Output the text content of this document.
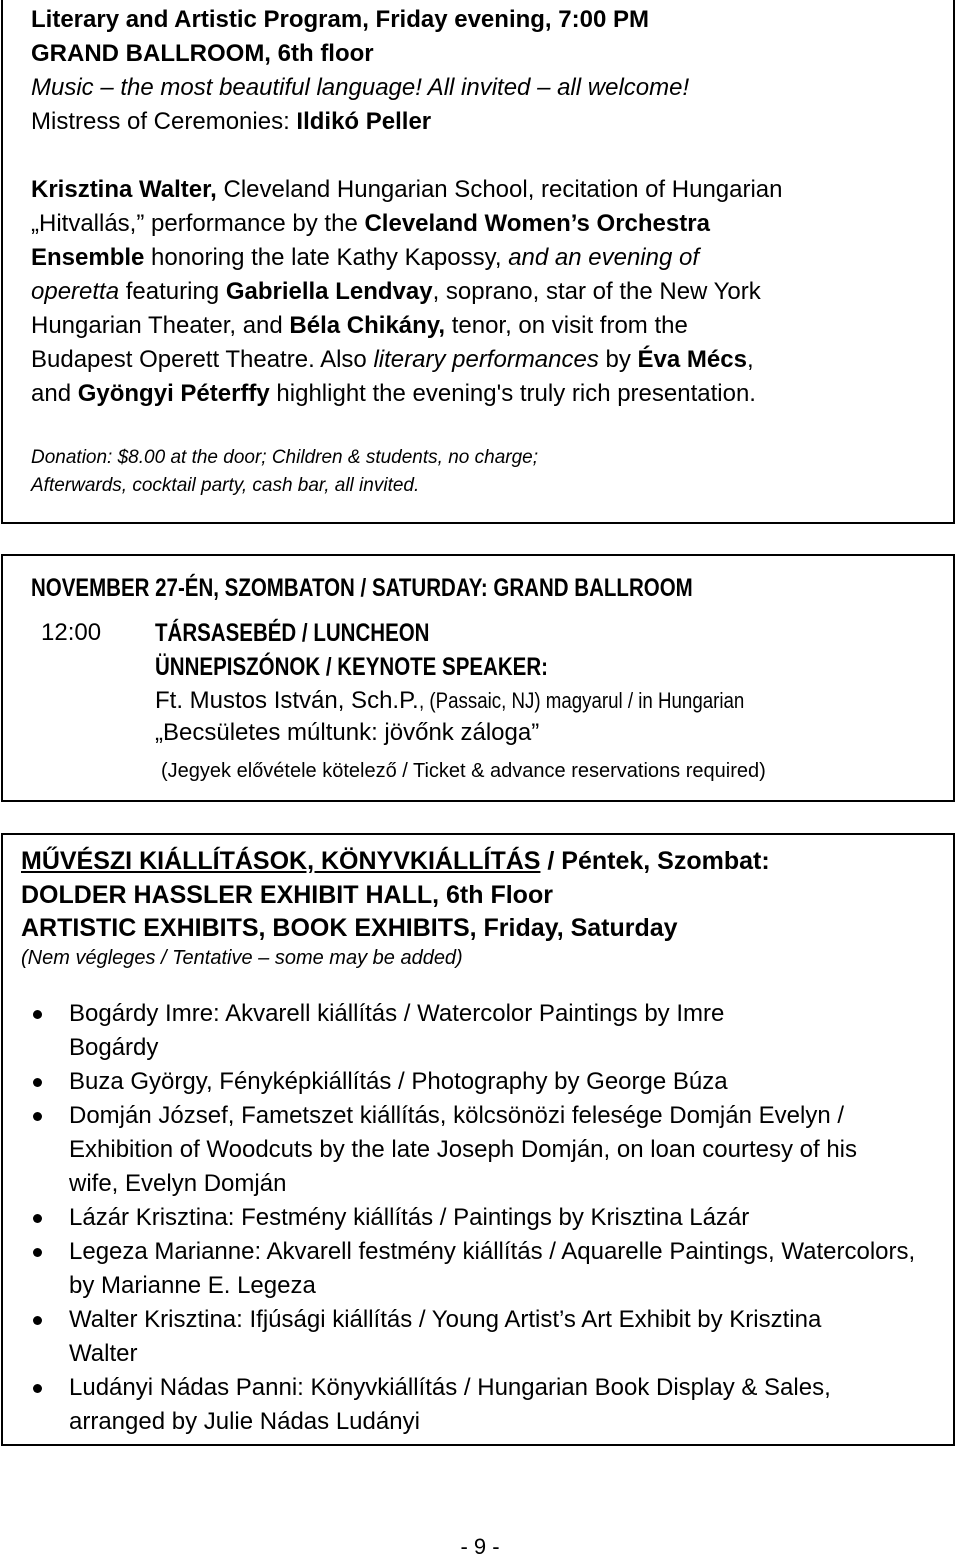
Literary and Artistic Program, Friday evening, 7:00 PM
GRAND BALLROOM, 6th floor
Music – the most beautiful language! All invited – all welcome!
Mistress of Ceremonies: Ildikó Peller
Krisztina Walter, Cleveland Hungarian School, recitation of Hungarian
„Hitvallás,” performance by the Cleveland Women’s Orchestra
Ensemble honoring the late Kathy Kapossy, and an evening of
operetta featuring Gabriella Lendvay, soprano, star of the New York
Hungarian Theater, and Béla Chikány, tenor, on visit from the
Budapest Operett Theatre. Also literary performances by Éva Mécs,
and Gyöngyi Péterffy highlight the evening's truly rich presentation.
Donation: $8.00 at the door; Children & students, no charge;
Afterwards, cocktail party, cash bar, all invited.
NOVEMBER 27-ÉN, SZOMBATON / SATURDAY: GRAND BALLROOM
12:00 TÁRSASEBÉD / LUNCHEON
ÜNNEPISZÓNOK / KEYNOTE SPEAKER:
Ft. Mustos István, Sch.P., (Passaic, NJ) magyarul / in Hungarian
„Becsületes múltunk: jövőnk záloga”
(Jegyek elővétele kötelező / Ticket & advance reservations required)
MŰVÉSZI KIÁLLÍTÁSOK, KÖNYVKIÁLLÍTÁS / Péntek, Szombat:
DOLDER HASSLER EXHIBIT HALL, 6th Floor
ARTISTIC EXHIBITS, BOOK EXHIBITS, Friday, Saturday
(Nem végleges / Tentative – some may be added)
Bogárdy Imre: Akvarell kiállítás / Watercolor Paintings by Imre Bogárdy
Buza György, Fényképkiállítás / Photography by George Búza
Domján József, Fametszet kiállítás, kölcsönözi felesége Domján Evelyn / Exhibition of Woodcuts by the late Joseph Domján, on loan courtesy of his wife, Evelyn Domján
Lázár Krisztina: Festmény kiállítás / Paintings by Krisztina Lázár
Legeza Marianne: Akvarell festmény kiállítás / Aquarelle Paintings, Watercolors, by Marianne E. Legeza
Walter Krisztina: Ifjúsági kiállítás / Young Artist’s Art Exhibit by Krisztina Walter
Ludányi Nádas Panni: Könyvkiállítás / Hungarian Book Display & Sales, arranged by Julie Nádas Ludányi
- 9 -
